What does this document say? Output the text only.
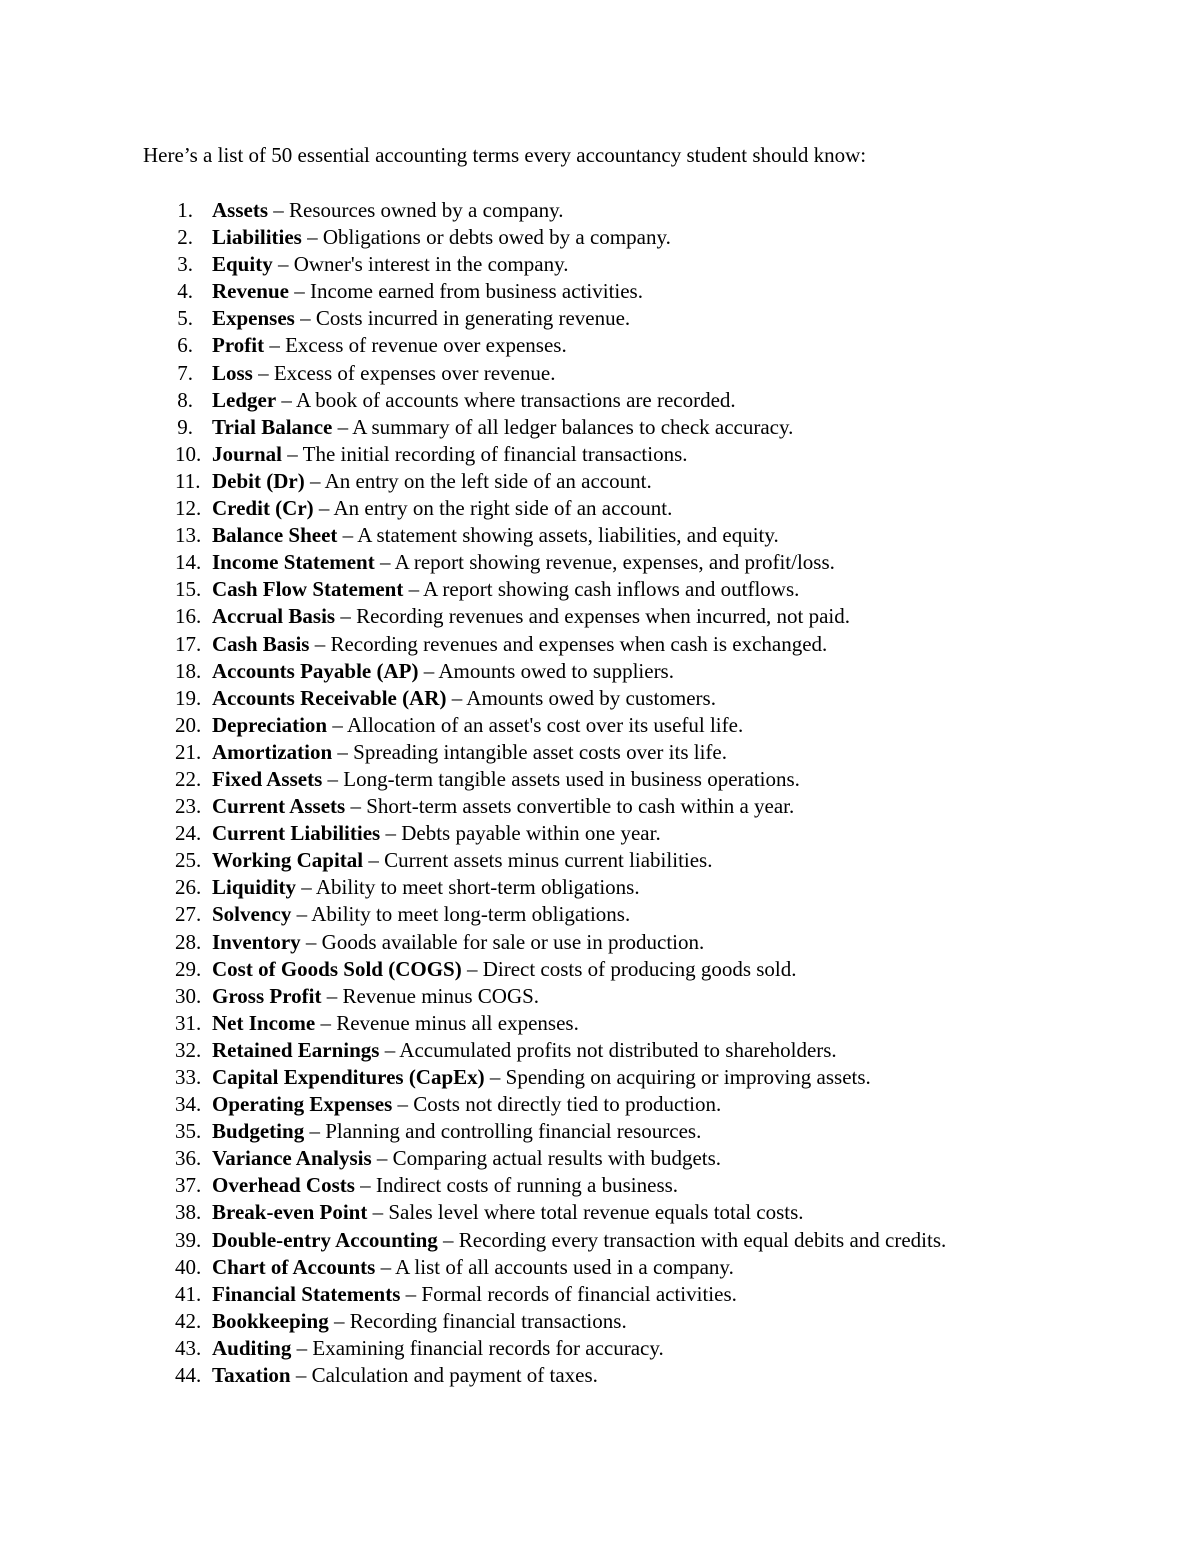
Here’s a list of 50 essential accounting terms every accountancy student should know:

1. Assets – Resources owned by a company.
2. Liabilities – Obligations or debts owed by a company.
3. Equity – Owner's interest in the company.
4. Revenue – Income earned from business activities.
5. Expenses – Costs incurred in generating revenue.
6. Profit – Excess of revenue over expenses.
7. Loss – Excess of expenses over revenue.
8. Ledger – A book of accounts where transactions are recorded.
9. Trial Balance – A summary of all ledger balances to check accuracy.
10. Journal – The initial recording of financial transactions.
11. Debit (Dr) – An entry on the left side of an account.
12. Credit (Cr) – An entry on the right side of an account.
13. Balance Sheet – A statement showing assets, liabilities, and equity.
14. Income Statement – A report showing revenue, expenses, and profit/loss.
15. Cash Flow Statement – A report showing cash inflows and outflows.
16. Accrual Basis – Recording revenues and expenses when incurred, not paid.
17. Cash Basis – Recording revenues and expenses when cash is exchanged.
18. Accounts Payable (AP) – Amounts owed to suppliers.
19. Accounts Receivable (AR) – Amounts owed by customers.
20. Depreciation – Allocation of an asset's cost over its useful life.
21. Amortization – Spreading intangible asset costs over its life.
22. Fixed Assets – Long-term tangible assets used in business operations.
23. Current Assets – Short-term assets convertible to cash within a year.
24. Current Liabilities – Debts payable within one year.
25. Working Capital – Current assets minus current liabilities.
26. Liquidity – Ability to meet short-term obligations.
27. Solvency – Ability to meet long-term obligations.
28. Inventory – Goods available for sale or use in production.
29. Cost of Goods Sold (COGS) – Direct costs of producing goods sold.
30. Gross Profit – Revenue minus COGS.
31. Net Income – Revenue minus all expenses.
32. Retained Earnings – Accumulated profits not distributed to shareholders.
33. Capital Expenditures (CapEx) – Spending on acquiring or improving assets.
34. Operating Expenses – Costs not directly tied to production.
35. Budgeting – Planning and controlling financial resources.
36. Variance Analysis – Comparing actual results with budgets.
37. Overhead Costs – Indirect costs of running a business.
38. Break-even Point – Sales level where total revenue equals total costs.
39. Double-entry Accounting – Recording every transaction with equal debits and credits.
40. Chart of Accounts – A list of all accounts used in a company.
41. Financial Statements – Formal records of financial activities.
42. Bookkeeping – Recording financial transactions.
43. Auditing – Examining financial records for accuracy.
44. Taxation – Calculation and payment of taxes.
